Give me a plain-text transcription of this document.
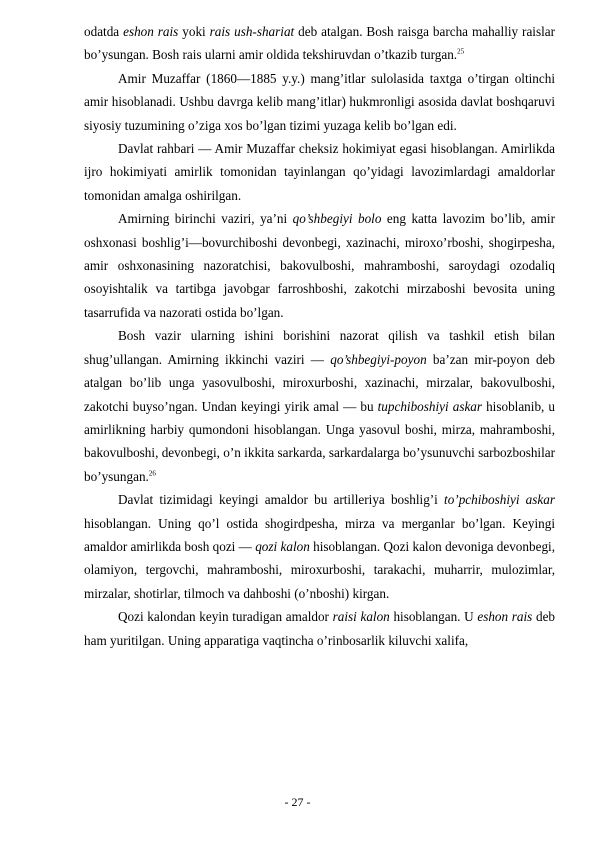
odatda eshon rais yoki rais ush-shariat deb atalgan. Bosh raisga barcha mahalliy raislar bo’ysungan. Bosh rais ularni amir oldida tekshiruvdan o’tkazib turgan.$^{25}$

Amir Muzaffar (1860—1885 y.y.) mang’itlar sulolasida taxtga o’tirgan oltinchi amir hisoblanadi. Ushbu davrga kelib mang’itlar) hukmronligi asosida davlat boshqaruvi siyosiy tuzumining o’ziga xos bo’lgan tizimi yuzaga kelib bo’lgan edi.

Davlat rahbari — Amir Muzaffar cheksiz hokimiyat egasi hisoblangan. Amirlikda ijro hokimiyati amirlik tomonidan tayinlangan qo’yidagi lavozimlardagi amaldorlar tomonidan amalga oshirilgan.

Amirning birinchi vaziri, ya’ni qo’shbegiyi bolo eng katta lavozim bo’lib, amir oshxonasi boshlig’i—bovurchiboshi devonbegi, xazinachi, miroxo’rboshi, shogirpesha, amir oshxonasining nazoratchisi, bakovulboshi, mahramboshi, saroydagi ozodaliq osoyishtalik va tartibga javobgar farroshboshi, zakotchi mirzaboshi bevosita uning tasarrufida va nazorati ostida bo’lgan.

Bosh vazir ularning ishini borishini nazorat qilish va tashkil etish bilan shug’ullangan. Amirning ikkinchi vaziri — qo’shbegiyi-poyon ba’zan mir-poyon deb atalgan bo’lib unga yasovulboshi, miroxurboshi, xazinachi, mirzalar, bakovulboshi, zakotchi buyso’ngan. Undan keyingi yirik amal — bu tupchiboshiyi askar hisoblanib, u amirlikning harbiy qumondoni hisoblangan. Unga yasovul boshi, mirza, mahramboshi, bakovulboshi, devonbegi, o’n ikkita sarkarda, sarkardalarga bo’ysunuvchi sarbozboshilar bo’ysungan.$^{26}$

Davlat tizimidagi keyingi amaldor bu artilleriya boshlig’i to’pchiboshiyi askar hisoblangan. Uning qo’l ostida shogirdpesha, mirza va merganlar bo’lgan. Keyingi amaldor amirlikda bosh qozi — qozi kalon hisoblangan. Qozi kalon devoniga devonbegi, olamiyon, tergovchi, mahramboshi, miroxurboshi, tarakachi, muharrir, mulozimlar, mirzalar, shotirlar, tilmoch va dahboshi (o’nboshi) kirgan.

Qozi kalondan keyin turadigan amaldor raisi kalon hisoblangan. U eshon rais deb ham yuritilgan. Uning apparatiga vaqtincha o’rinbosarlik kiluvchi xalifa,

- 27 -
